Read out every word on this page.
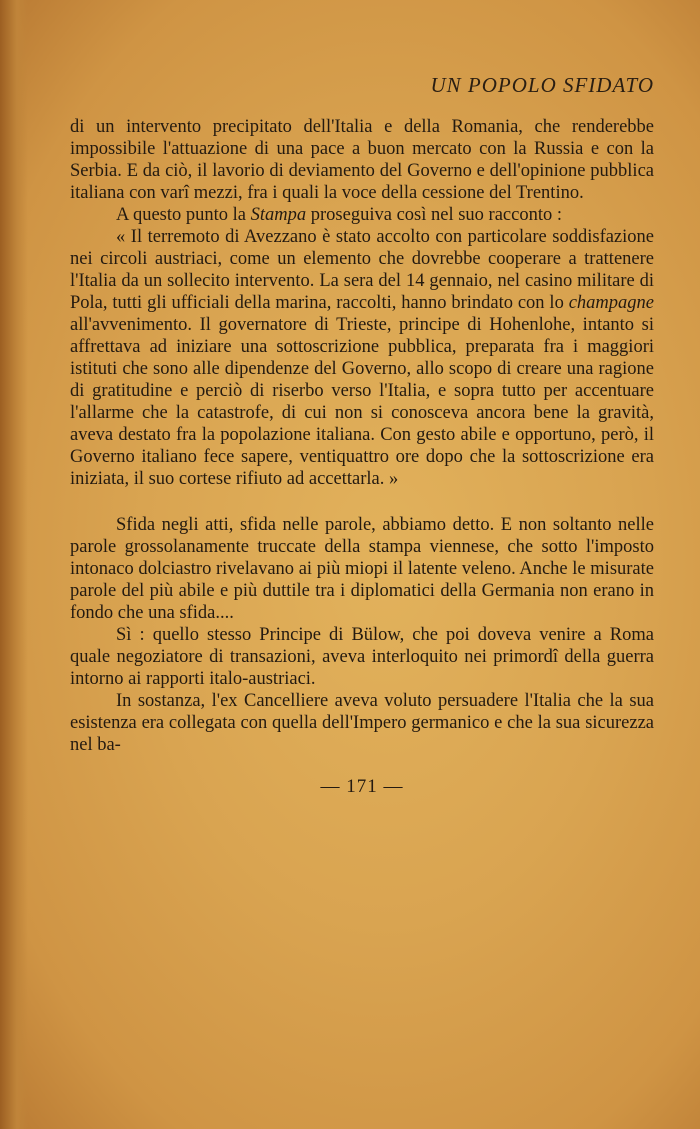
UN POPOLO SFIDATO

di un intervento precipitato dell'Italia e della Romania, che renderebbe impossibile l'attuazione di una pace a buon mercato con la Russia e con la Serbia. E da ciò, il lavorio di deviamento del Governo e dell'opinione pubblica italiana con varî mezzi, fra i quali la voce della cessione del Trentino.

A questo punto la Stampa proseguiva così nel suo racconto :

« Il terremoto di Avezzano è stato accolto con particolare soddisfazione nei circoli austriaci, come un elemento che dovrebbe cooperare a trattenere l'Italia da un sollecito intervento. La sera del 14 gennaio, nel casino militare di Pola, tutti gli ufficiali della marina, raccolti, hanno brindato con lo champagne all'avvenimento. Il governatore di Trieste, principe di Hohenlohe, intanto si affrettava ad iniziare una sottoscrizione pubblica, preparata fra i maggiori istituti che sono alle dipendenze del Governo, allo scopo di creare una ragione di gratitudine e perciò di riserbo verso l'Italia, e sopra tutto per accentuare l'allarme che la catastrofe, di cui non si conosceva ancora bene la gravità, aveva destato fra la popolazione italiana. Con gesto abile e opportuno, però, il Governo italiano fece sapere, ventiquattro ore dopo che la sottoscrizione era iniziata, il suo cortese rifiuto ad accettarla. »

Sfida negli atti, sfida nelle parole, abbiamo detto. E non soltanto nelle parole grossolanamente truccate della stampa viennese, che sotto l'imposto intonaco dolciastro rivelavano ai più miopi il latente veleno. Anche le misurate parole del più abile e più duttile tra i diplomatici della Germania non erano in fondo che una sfida....

Sì : quello stesso Principe di Bülow, che poi doveva venire a Roma quale negoziatore di transazioni, aveva interloquito nei primordî della guerra intorno ai rapporti italo-austriaci.

In sostanza, l'ex Cancelliere aveva voluto persuadere l'Italia che la sua esistenza era collegata con quella dell'Impero germanico e che la sua sicurezza nel ba-

— 171 —
